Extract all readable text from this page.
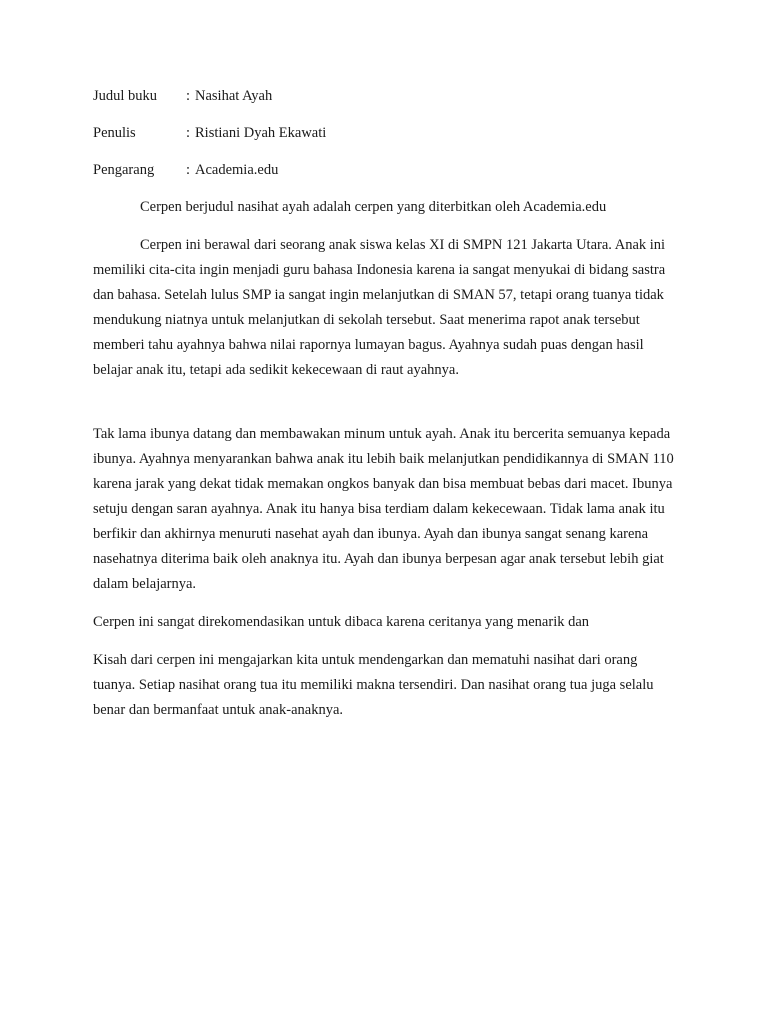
Judul buku : Nasihat Ayah
Penulis	: Ristiani Dyah Ekawati
Pengarang : Academia.edu

Cerpen berjudul nasihat ayah adalah cerpen yang diterbitkan oleh Academia.edu

Cerpen ini berawal dari seorang anak siswa kelas XI di SMPN 121 Jakarta Utara. Anak ini memiliki cita-cita ingin menjadi guru bahasa Indonesia karena ia sangat menyukai di bidang sastra dan bahasa. Setelah lulus SMP ia sangat ingin melanjutkan di SMAN 57, tetapi orang tuanya tidak mendukung niatnya untuk melanjutkan di sekolah tersebut. Saat menerima rapot anak tersebut memberi tahu ayahnya bahwa nilai rapornya lumayan bagus. Ayahnya sudah puas dengan hasil belajar anak itu, tetapi ada sedikit kekecewaan di raut ayahnya.

Tak lama ibunya datang dan membawakan minum untuk ayah. Anak itu bercerita semuanya kepada ibunya. Ayahnya menyarankan bahwa anak itu lebih baik melanjutkan pendidikannya di SMAN 110 karena jarak yang dekat tidak memakan ongkos banyak dan bisa membuat bebas dari macet. Ibunya setuju dengan saran ayahnya. Anak itu hanya bisa terdiam dalam kekecewaan. Tidak lama anak itu berfikir dan akhirnya menuruti nasehat ayah dan ibunya. Ayah dan ibunya sangat senang karena nasehatnya diterima baik oleh anaknya itu. Ayah dan ibunya berpesan agar anak tersebut lebih giat dalam belajarnya.

Cerpen ini sangat direkomendasikan untuk dibaca karena ceritanya yang menarik dan

Kisah dari cerpen ini mengajarkan kita untuk mendengarkan dan mematuhi nasihat dari orang tuanya. Setiap nasihat orang tua itu memiliki makna tersendiri. Dan nasihat orang tua juga selalu benar dan bermanfaat untuk anak-anaknya.
